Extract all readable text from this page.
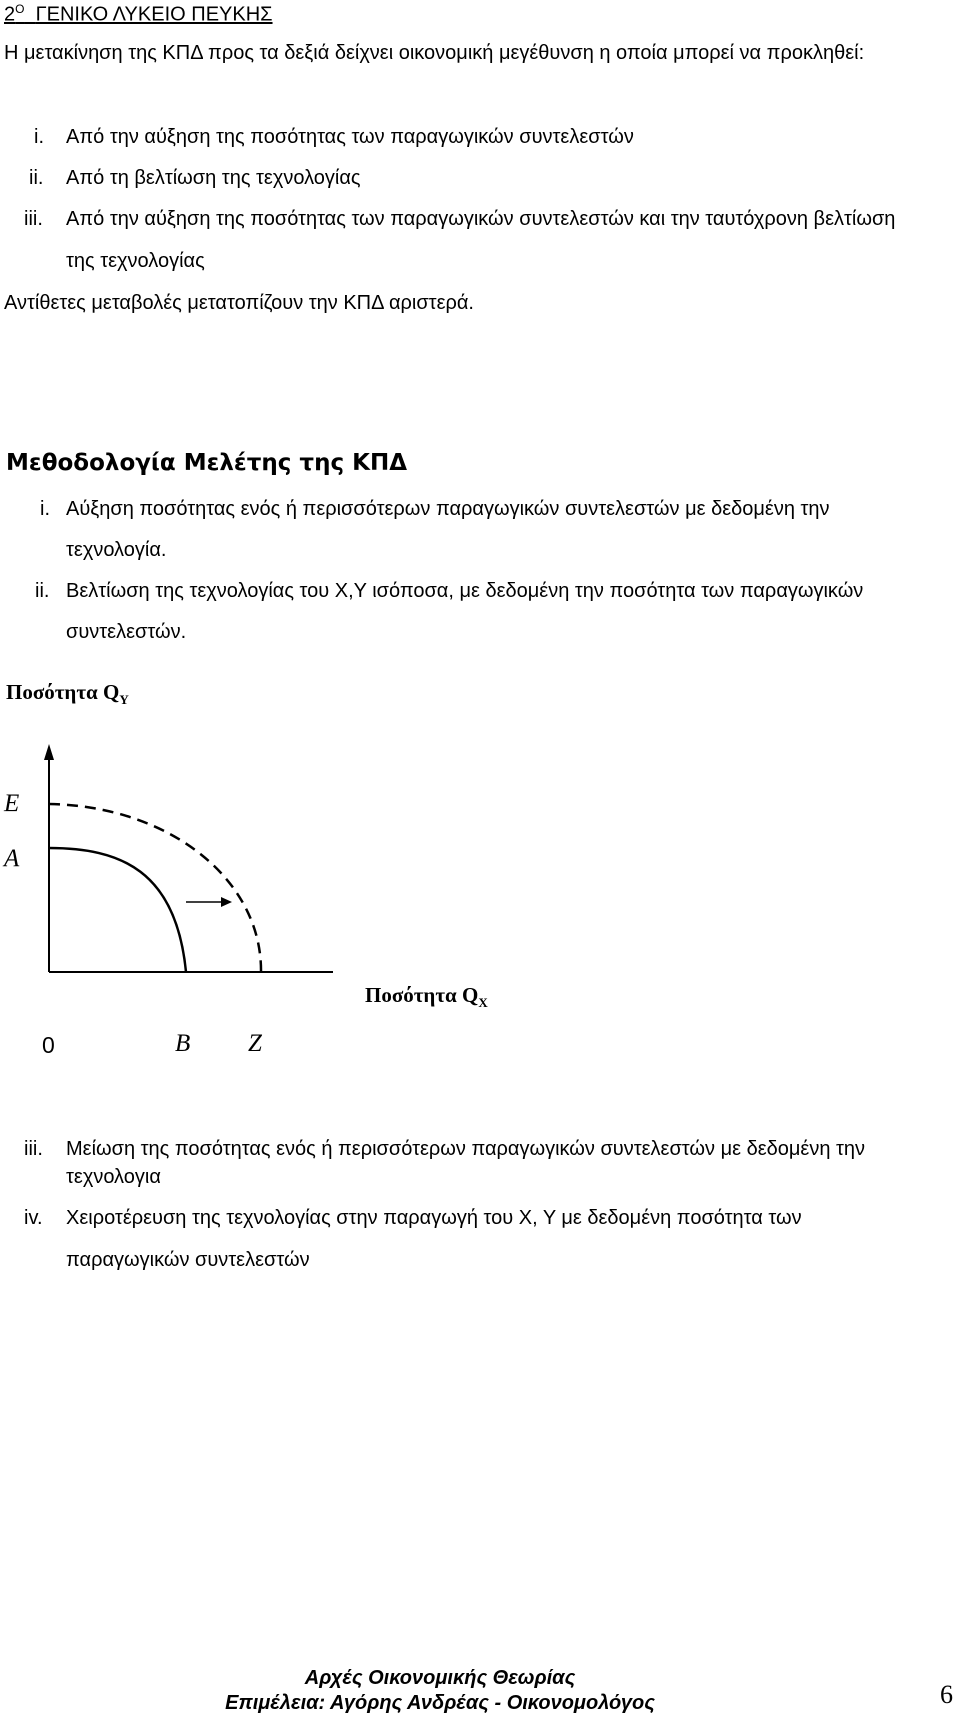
$2^O$ ΓΕΝΙΚΟ ΛΥΚΕΙΟ ΠΕΥΚΗΣ
Η μετακίνηση της ΚΠΔ προς τα δεξιά δείχνει οικονομική μεγέθυνση η οποία μπορεί να προκληθεί:
i. Από την αύξηση της ποσότητας των παραγωγικών συντελεστών
ii. Από τη βελτίωση της τεχνολογίας
iii. Από την αύξηση της ποσότητας των παραγωγικών συντελεστών και την ταυτόχρονη βελτίωση
της τεχνολογίας
Αντίθετες μεταβολές μετατοπίζουν την ΚΠΔ αριστερά.
Μεθοδολογία Μελέτης της ΚΠΔ
i. Αύξηση ποσότητας ενός ή περισσότερων παραγωγικών συντελεστών με δεδομένη την
τεχνολογία.
ii. Βελτίωση της τεχνολογίας του Χ,Υ ισόποσα, με δεδομένη την ποσότητα των παραγωγικών
συντελεστών.
Ποσότητα $Q_Y$
Ε
Α
Ποσότητα $Q_X$
0	Β Ζ
iii. Μείωση της ποσότητας ενός ή περισσότερων παραγωγικών συντελεστών με δεδομένη την
τεχνολογια
iv. Χειροτέρευση της τεχνολογίας στην παραγωγή του Χ, Υ με δεδομένη ποσότητα των
παραγωγικών συντελεστών
Αρχές Οικονομικής Θεωρίας
Επιμέλεια: Αγόρης Ανδρέας - Οικονομολόγος	6
